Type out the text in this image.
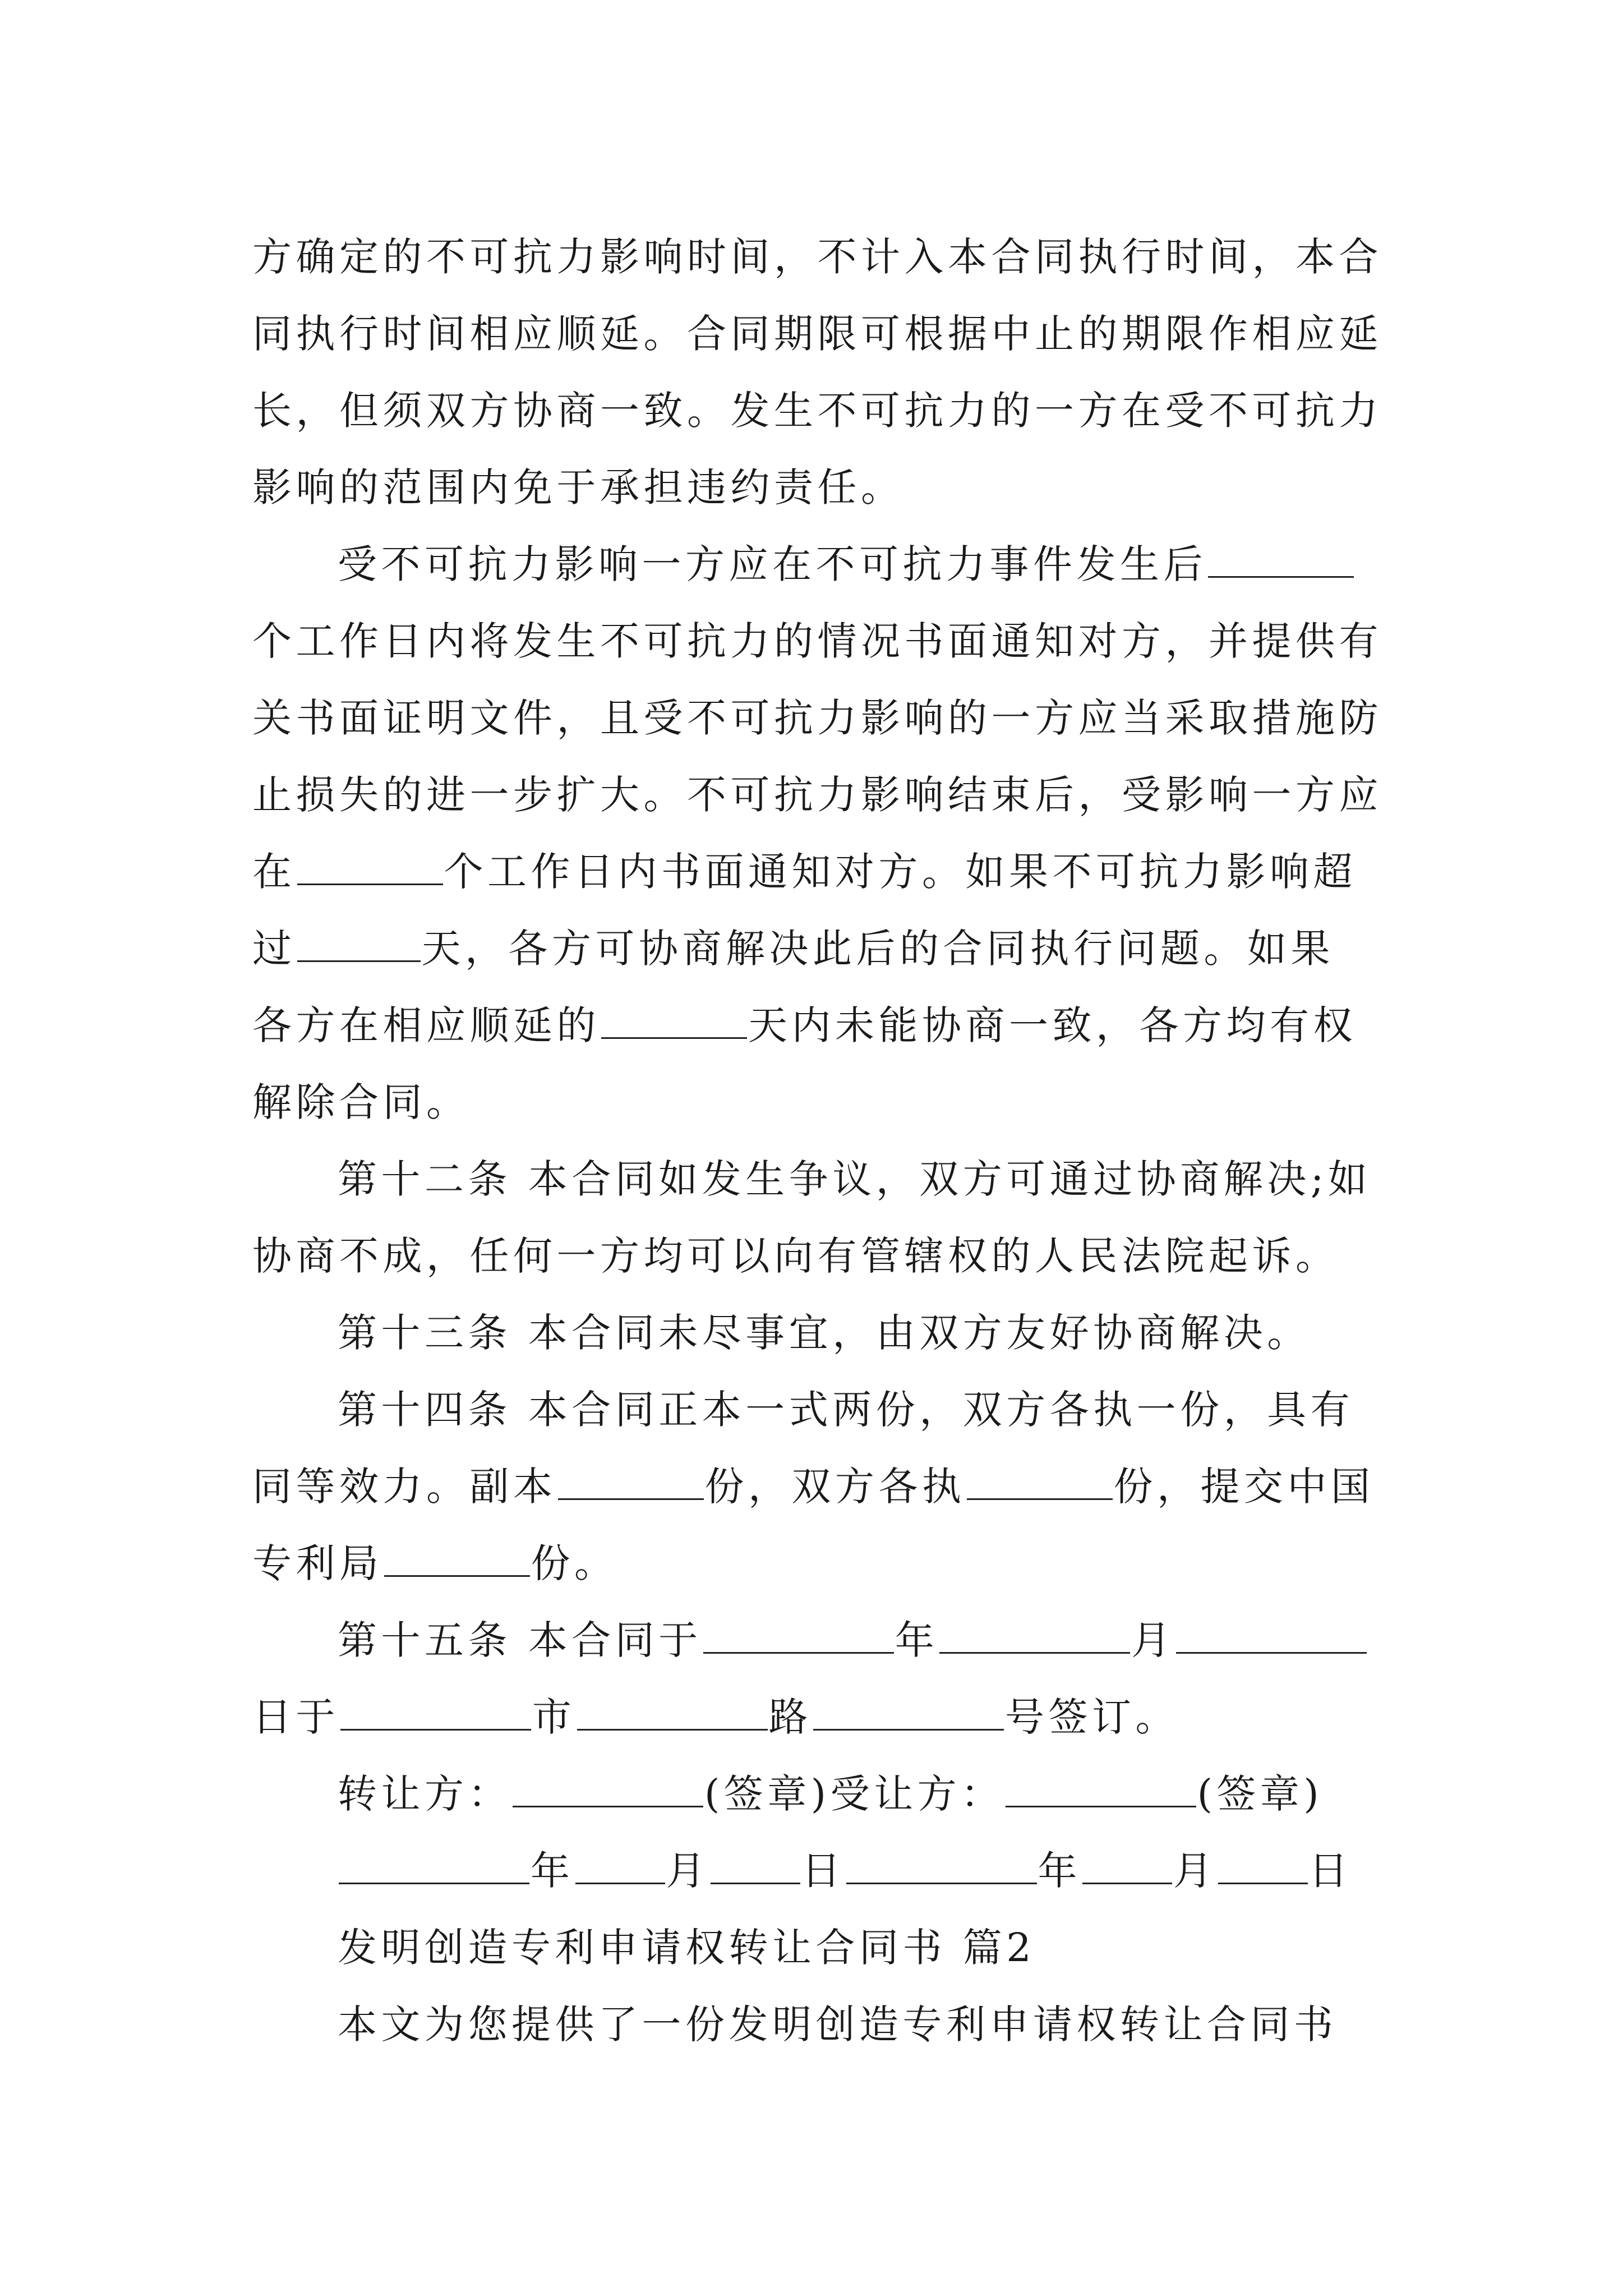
方确定的不可抗力影响时间，不计入本合同执行时间，本合
同执行时间相应顺延。合同期限可根据中止的期限作相应延
长，但须双方协商一致。发生不可抗力的一方在受不可抗力
影响的范围内免于承担违约责任。
受不可抗力影响一方应在不可抗力事件发生后
个工作日内将发生不可抗力的情况书面通知对方，并提供有
关书面证明文件，且受不可抗力影响的一方应当采取措施防
止损失的进一步扩大。不可抗力影响结束后，受影响一方应
在	个工作日内书面通知对方。如果不可抗力影响超
过	天，各方可协商解决此后的合同执行问题。如果
各方在相应顺延的	天内未能协商一致，各方均有权
解除合同。
第十二条 本合同如发生争议，双方可通过协商解决;如
协商不成，任何一方均可以向有管辖权的人民法院起诉。
第十三条 本合同未尽事宜，由双方友好协商解决。
第十四条 本合同正本一式两份，双方各执一份，具有
同等效力。副本	份，双方各执	份，提交中国
专利局	份。
第十五条 本合同于	年	月
日于	市	路	号签订。
转让方：	(签章)受让方：	(签章)
年 月 日	年 月 日
发明创造专利申请权转让合同书 篇2
本文为您提供了一份发明创造专利申请权转让合同书
